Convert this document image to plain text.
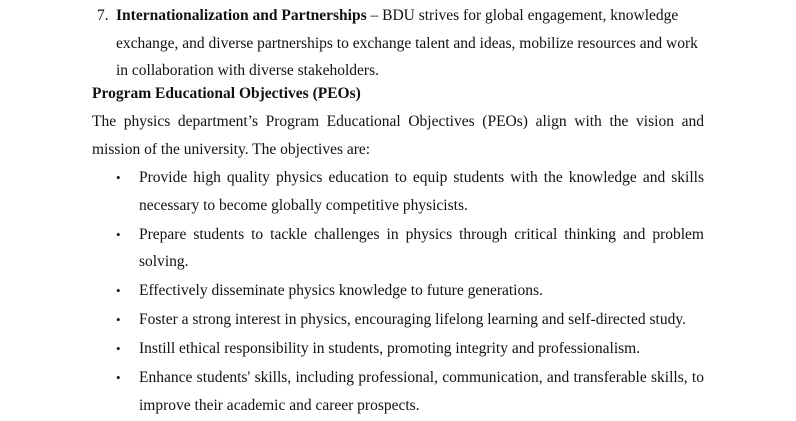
7. Internationalization and Partnerships – BDU strives for global engagement, knowledge exchange, and diverse partnerships to exchange talent and ideas, mobilize resources and work in collaboration with diverse stakeholders.
Program Educational Objectives (PEOs)
The physics department’s Program Educational Objectives (PEOs) align with the vision and mission of the university. The objectives are:
• Provide high quality physics education to equip students with the knowledge and skills necessary to become globally competitive physicists.
• Prepare students to tackle challenges in physics through critical thinking and problem solving.
• Effectively disseminate physics knowledge to future generations.
• Foster a strong interest in physics, encouraging lifelong learning and self-directed study.
• Instill ethical responsibility in students, promoting integrity and professionalism.
• Enhance students' skills, including professional, communication, and transferable skills, to improve their academic and career prospects.
